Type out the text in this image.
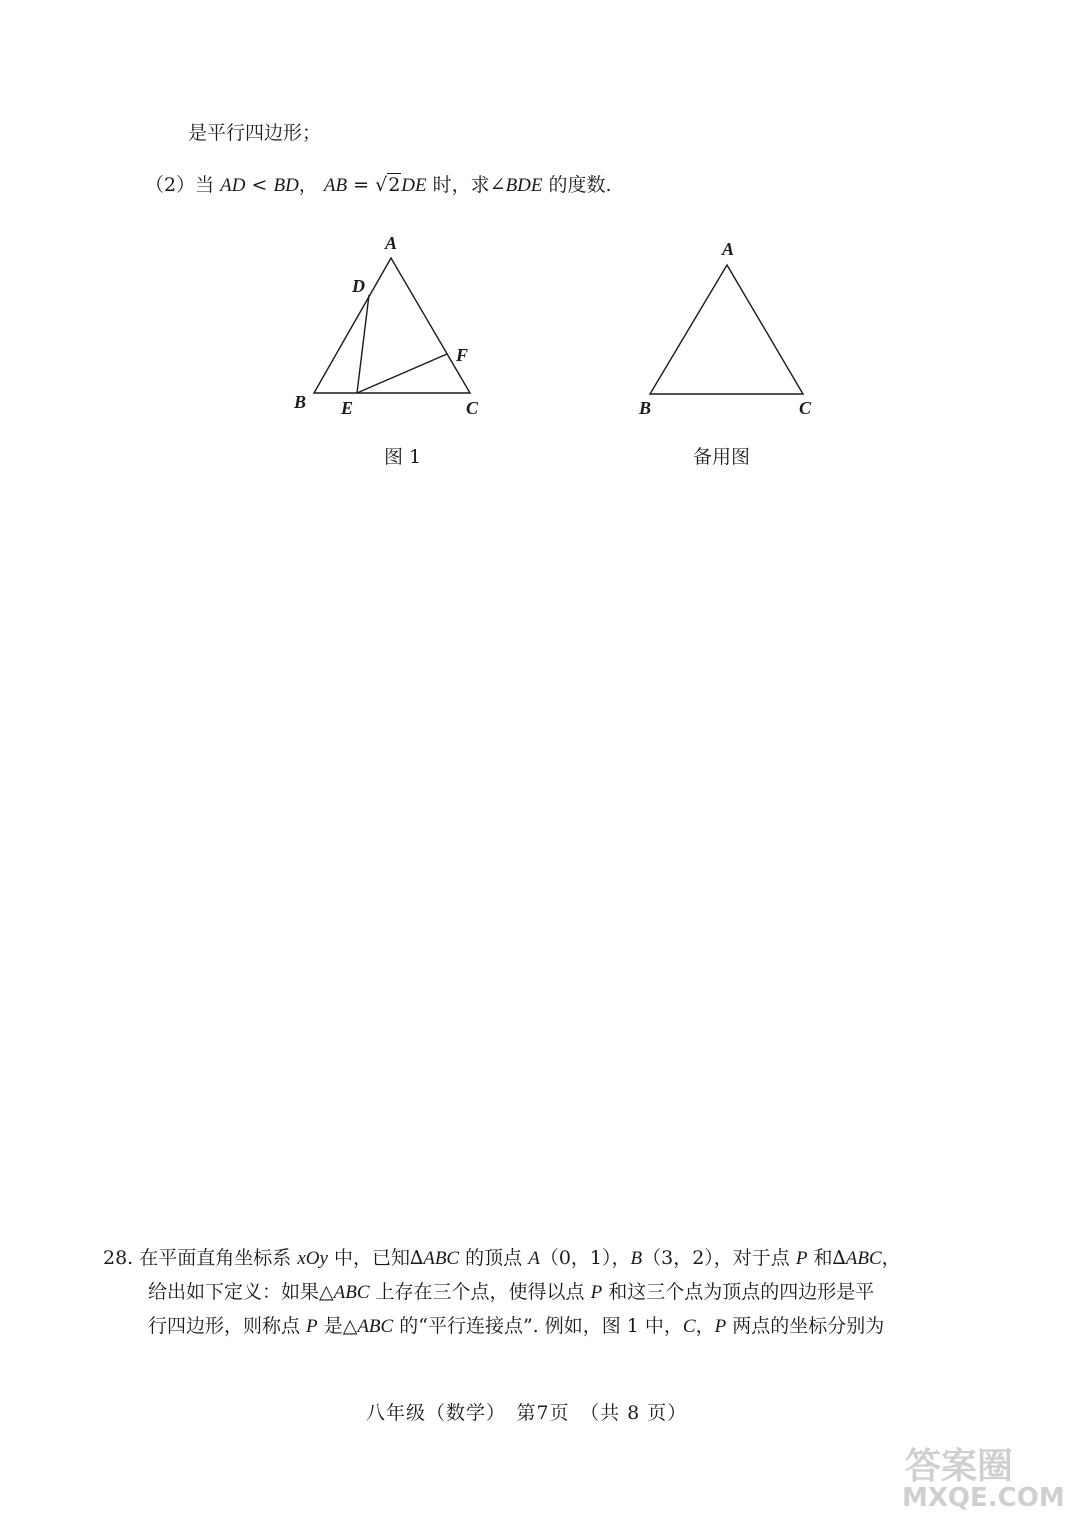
是平行四边形；
（2）当 AD < BD， AB = √2DE 时，求∠BDE 的度数.
A
D
F
B E	C
图 1
A
B	C
备用图
28. 在平面直角坐标系 xOy 中，已知∆ABC 的顶点 A（0，1），B（3，2），对于点 P 和∆ABC，
给出如下定义：如果△ABC 上存在三个点，使得以点 P 和这三个点为顶点的四边形是平
行四边形，则称点 P 是△ABC 的“平行连接点”. 例如，图 1 中，C，P 两点的坐标分别为
八年级（数学）　第7页　（共 8 页）
答案圈
MXQE.COM
